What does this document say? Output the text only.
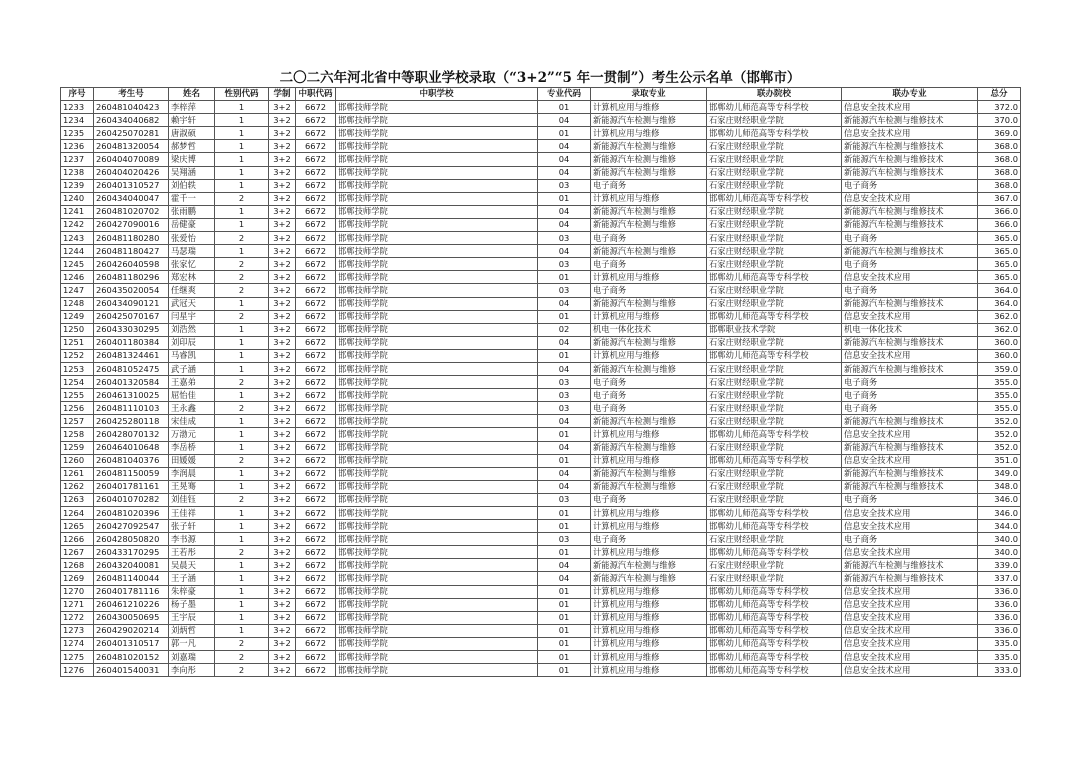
二〇二六年河北省中等职业学校录取（“3+2”“5 年一贯制”）考生公示名单（邯郸市）
序号	考生号	姓名	性别代码	学制	中职代码	中职学校	专业代码	录取专业	联办院校	联办专业	总分
1233	260481040423	李梓萍	1	3+2	6672	邯郸技师学院	01	计算机应用与维修	邯郸幼儿师范高等专科学校	信息安全技术应用	372.0
1234	260434040682	赖宇轩	1	3+2	6672	邯郸技师学院	04	新能源汽车检测与维修	石家庄财经职业学院	新能源汽车检测与维修技术	370.0
1235	260425070281	唐淑硕	1	3+2	6672	邯郸技师学院	01	计算机应用与维修	邯郸幼儿师范高等专科学校	信息安全技术应用	369.0
1236	260481320054	郝梦哲	1	3+2	6672	邯郸技师学院	04	新能源汽车检测与维修	石家庄财经职业学院	新能源汽车检测与维修技术	368.0
1237	260404070089	梁庆博	1	3+2	6672	邯郸技师学院	04	新能源汽车检测与维修	石家庄财经职业学院	新能源汽车检测与维修技术	368.0
1238	260404020426	吴翔涵	1	3+2	6672	邯郸技师学院	04	新能源汽车检测与维修	石家庄财经职业学院	新能源汽车检测与维修技术	368.0
1239	260401310527	刘伯轶	1	3+2	6672	邯郸技师学院	03	电子商务	石家庄财经职业学院	电子商务	368.0
1240	260434040047	霍千一	2	3+2	6672	邯郸技师学院	01	计算机应用与维修	邯郸幼儿师范高等专科学校	信息安全技术应用	367.0
1241	260481020702	张雨鹏	1	3+2	6672	邯郸技师学院	04	新能源汽车检测与维修	石家庄财经职业学院	新能源汽车检测与维修技术	366.0
1242	260427090016	岳健豪	1	3+2	6672	邯郸技师学院	04	新能源汽车检测与维修	石家庄财经职业学院	新能源汽车检测与维修技术	366.0
1243	260481180280	张爱怡	2	3+2	6672	邯郸技师学院	03	电子商务	石家庄财经职业学院	电子商务	365.0
1244	260481180427	马瑟瑞	1	3+2	6672	邯郸技师学院	04	新能源汽车检测与维修	石家庄财经职业学院	新能源汽车检测与维修技术	365.0
1245	260426040598	张家忆	2	3+2	6672	邯郸技师学院	03	电子商务	石家庄财经职业学院	电子商务	365.0
1246	260481180296	郑宏林	2	3+2	6672	邯郸技师学院	01	计算机应用与维修	邯郸幼儿师范高等专科学校	信息安全技术应用	365.0
1247	260435020054	任继爽	2	3+2	6672	邯郸技师学院	03	电子商务	石家庄财经职业学院	电子商务	364.0
1248	260434090121	武冠天	1	3+2	6672	邯郸技师学院	04	新能源汽车检测与维修	石家庄财经职业学院	新能源汽车检测与维修技术	364.0
1249	260425070167	闫星宇	2	3+2	6672	邯郸技师学院	01	计算机应用与维修	邯郸幼儿师范高等专科学校	信息安全技术应用	362.0
1250	260433030295	刘浩然	1	3+2	6672	邯郸技师学院	02	机电一体化技术	邯郸职业技术学院	机电一体化技术	362.0
1251	260401180384	刘印辰	1	3+2	6672	邯郸技师学院	04	新能源汽车检测与维修	石家庄财经职业学院	新能源汽车检测与维修技术	360.0
1252	260481324461	马睿凯	1	3+2	6672	邯郸技师学院	01	计算机应用与维修	邯郸幼儿师范高等专科学校	信息安全技术应用	360.0
1253	260481052475	武子涵	1	3+2	6672	邯郸技师学院	04	新能源汽车检测与维修	石家庄财经职业学院	新能源汽车检测与维修技术	359.0
1254	260401320584	王嘉弟	2	3+2	6672	邯郸技师学院	03	电子商务	石家庄财经职业学院	电子商务	355.0
1255	260461310025	屈怡佳	1	3+2	6672	邯郸技师学院	03	电子商务	石家庄财经职业学院	电子商务	355.0
1256	260481110103	王永鑫	2	3+2	6672	邯郸技师学院	03	电子商务	石家庄财经职业学院	电子商务	355.0
1257	260425280118	宋佳成	1	3+2	6672	邯郸技师学院	04	新能源汽车检测与维修	石家庄财经职业学院	新能源汽车检测与维修技术	352.0
1258	260428070132	万渤元	1	3+2	6672	邯郸技师学院	01	计算机应用与维修	邯郸幼儿师范高等专科学校	信息安全技术应用	352.0
1259	260464010648	李岳桥	1	3+2	6672	邯郸技师学院	04	新能源汽车检测与维修	石家庄财经职业学院	新能源汽车检测与维修技术	352.0
1260	260481040376	田媛媛	2	3+2	6672	邯郸技师学院	01	计算机应用与维修	邯郸幼儿师范高等专科学校	信息安全技术应用	351.0
1261	260481150059	李润晨	1	3+2	6672	邯郸技师学院	04	新能源汽车检测与维修	石家庄财经职业学院	新能源汽车检测与维修技术	349.0
1262	260401781161	王晃骞	1	3+2	6672	邯郸技师学院	04	新能源汽车检测与维修	石家庄财经职业学院	新能源汽车检测与维修技术	348.0
1263	260401070282	刘佳钰	2	3+2	6672	邯郸技师学院	03	电子商务	石家庄财经职业学院	电子商务	346.0
1264	260481020396	王佳祥	1	3+2	6672	邯郸技师学院	01	计算机应用与维修	邯郸幼儿师范高等专科学校	信息安全技术应用	346.0
1265	260427092547	张子轩	1	3+2	6672	邯郸技师学院	01	计算机应用与维修	邯郸幼儿师范高等专科学校	信息安全技术应用	344.0
1266	260428050820	李书源	1	3+2	6672	邯郸技师学院	03	电子商务	石家庄财经职业学院	电子商务	340.0
1267	260433170295	王若彤	2	3+2	6672	邯郸技师学院	01	计算机应用与维修	邯郸幼儿师范高等专科学校	信息安全技术应用	340.0
1268	260432040081	吴晨天	1	3+2	6672	邯郸技师学院	04	新能源汽车检测与维修	石家庄财经职业学院	新能源汽车检测与维修技术	339.0
1269	260481140044	王子涵	1	3+2	6672	邯郸技师学院	04	新能源汽车检测与维修	石家庄财经职业学院	新能源汽车检测与维修技术	337.0
1270	260401781116	朱梓豪	1	3+2	6672	邯郸技师学院	01	计算机应用与维修	邯郸幼儿师范高等专科学校	信息安全技术应用	336.0
1271	260461210226	杨子墨	1	3+2	6672	邯郸技师学院	01	计算机应用与维修	邯郸幼儿师范高等专科学校	信息安全技术应用	336.0
1272	260430050695	王宇辰	1	3+2	6672	邯郸技师学院	01	计算机应用与维修	邯郸幼儿师范高等专科学校	信息安全技术应用	336.0
1273	260429020214	刘炳哲	1	3+2	6672	邯郸技师学院	01	计算机应用与维修	邯郸幼儿师范高等专科学校	信息安全技术应用	336.0
1274	260401310517	郭一凡	2	3+2	6672	邯郸技师学院	01	计算机应用与维修	邯郸幼儿师范高等专科学校	信息安全技术应用	335.0
1275	260481020152	刘嘉瑞	2	3+2	6672	邯郸技师学院	01	计算机应用与维修	邯郸幼儿师范高等专科学校	信息安全技术应用	335.0
1276	260401540031	李向彤	2	3+2	6672	邯郸技师学院	01	计算机应用与维修	邯郸幼儿师范高等专科学校	信息安全技术应用	333.0
